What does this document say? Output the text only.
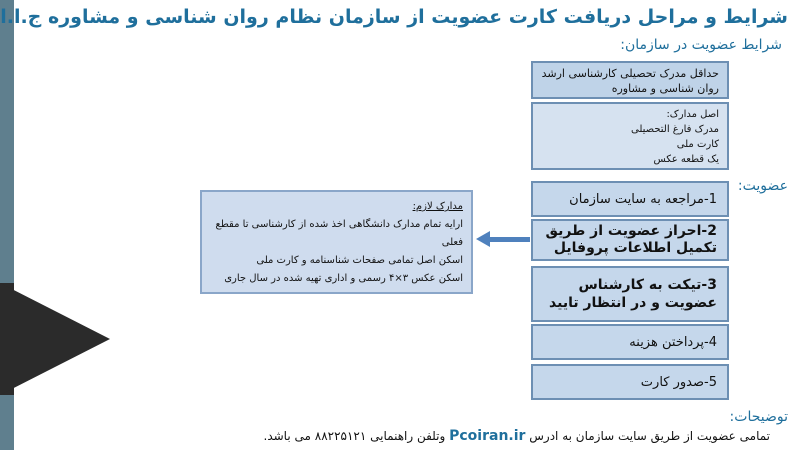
شرایط و مراحل دریافت کارت عضویت از سازمان نظام روان شناسی و مشاوره ج.ا.ا
شرایط عضویت در سازمان:
حداقل مدرک تحصیلی کارشناسی ارشد
روان شناسی و مشاوره
اصل مدارک:
مدرک فارغ التحصیلی
کارت ملی
یک قطعه عکس
عضویت:
1-مراجعه به سایت سازمان
2-احراز عضویت از طریق تکمیل اطلاعات پروفایل
3-تیکت به کارشناس عضویت و در انتظار تایید
4-پرداختن هزینه
5-صدور کارت
مدارک لازم:
ارایه تمام مدارک دانشگاهی اخذ شده از کارشناسی تا مقطع فعلی
اسکن اصل تمامی صفحات شناسنامه و کارت ملی
اسکن عکس ۳×۴ رسمی و اداری تهیه شده در سال جاری
توضیحات:
تمامی عضویت از طریق سایت سازمان به ادرس Pcoiran.ir وتلفن راهنمایی ۸۸۲۲۵۱۲۱ می باشد.
